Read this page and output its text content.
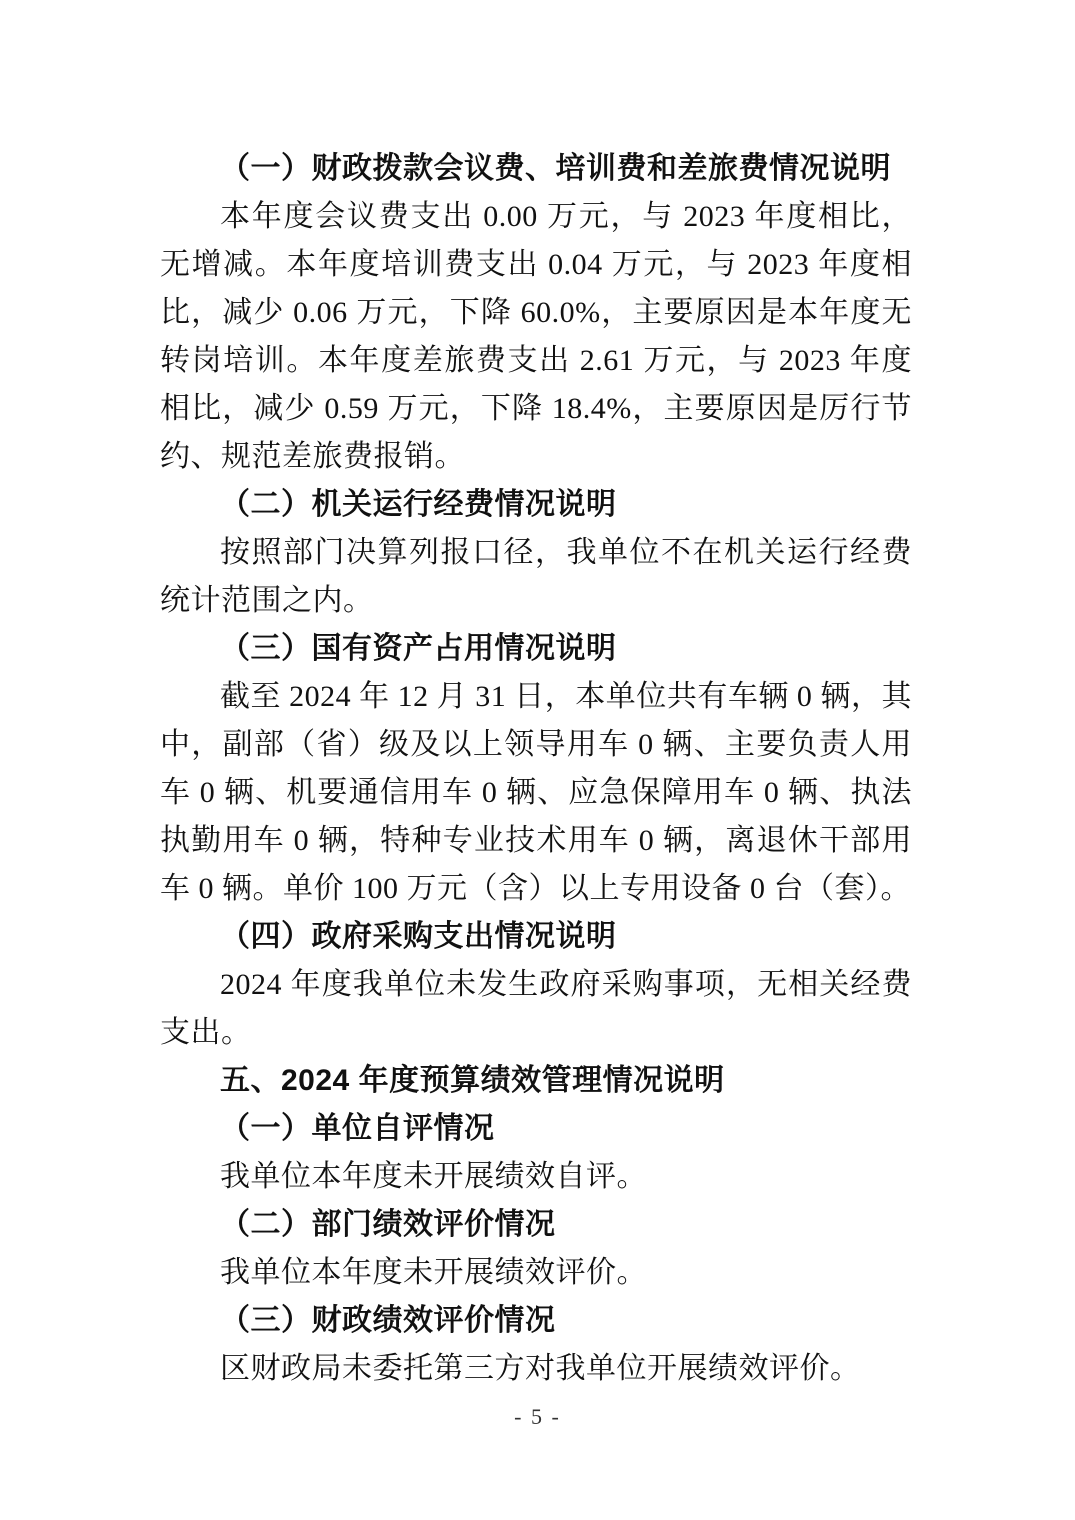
（一）财政拨款会议费、培训费和差旅费情况说明
本年度会议费支出 0.00 万元，与 2023 年度相比，无增减。本年度培训费支出 0.04 万元，与 2023 年度相比，减少 0.06 万元，下降 60.0%，主要原因是本年度无转岗培训。本年度差旅费支出 2.61 万元，与 2023 年度相比，减少 0.59 万元，下降 18.4%，主要原因是厉行节约、规范差旅费报销。
（二）机关运行经费情况说明
按照部门决算列报口径，我单位不在机关运行经费统计范围之内。
（三）国有资产占用情况说明
截至 2024 年 12 月 31 日，本单位共有车辆 0 辆，其中，副部（省）级及以上领导用车 0 辆、主要负责人用车 0 辆、机要通信用车 0 辆、应急保障用车 0 辆、执法执勤用车 0 辆，特种专业技术用车 0 辆，离退休干部用车 0 辆。单价 100 万元（含）以上专用设备 0 台（套）。
（四）政府采购支出情况说明
2024 年度我单位未发生政府采购事项，无相关经费支出。
五、2024 年度预算绩效管理情况说明
（一）单位自评情况
我单位本年度未开展绩效自评。
（二）部门绩效评价情况
我单位本年度未开展绩效评价。
（三）财政绩效评价情况
区财政局未委托第三方对我单位开展绩效评价。
- 5 -
